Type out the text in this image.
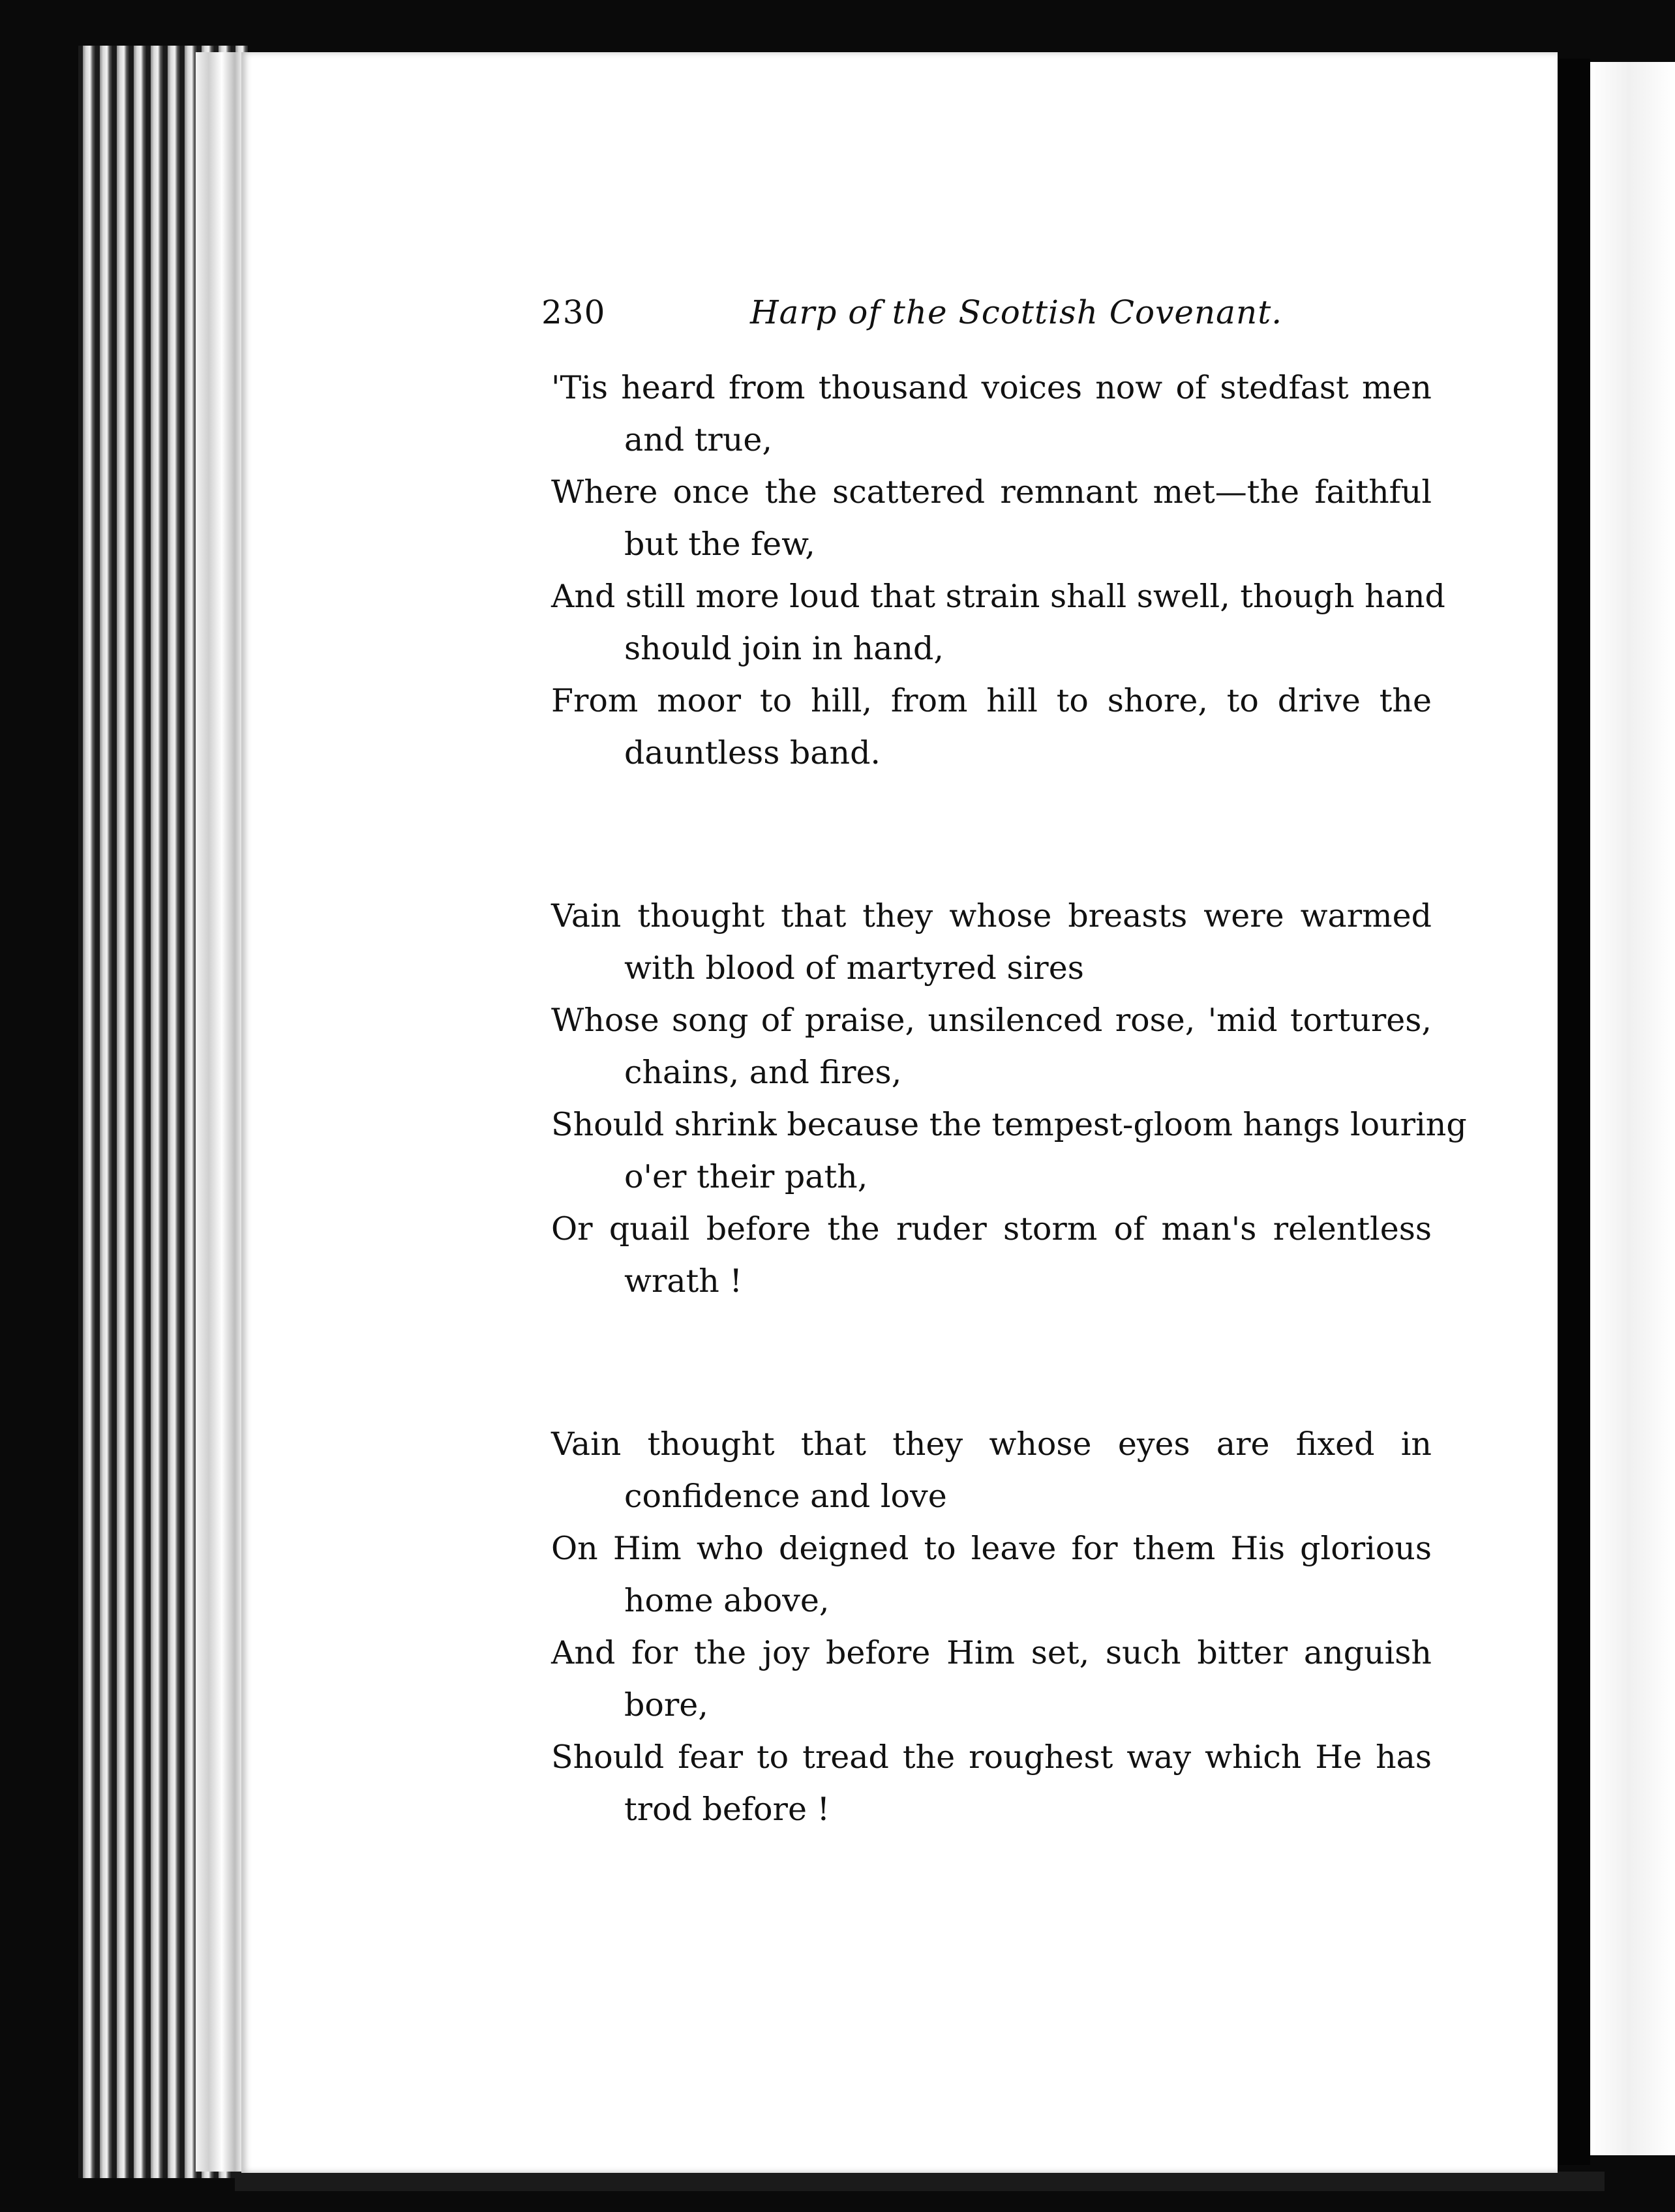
230	Harp of the Scottish Covenant.
'Tis heard from thousand voices now of stedfast men
and true,
Where once the scattered remnant met—the faithful
but the few,
And still more loud that strain shall swell, though hand
should join in hand,
From moor to hill, from hill to shore, to drive the
dauntless band.
Vain thought that they whose breasts were warmed
with blood of martyred sires
Whose song of praise, unsilenced rose, 'mid tortures,
chains, and fires,
Should shrink because the tempest-gloom hangs louring
o'er their path,
Or quail before the ruder storm of man's relentless
wrath !
Vain thought that they whose eyes are fixed in
confidence and love
On Him who deigned to leave for them His glorious
home above,
And for the joy before Him set, such bitter anguish
bore,
Should fear to tread the roughest way which He has
trod before !
